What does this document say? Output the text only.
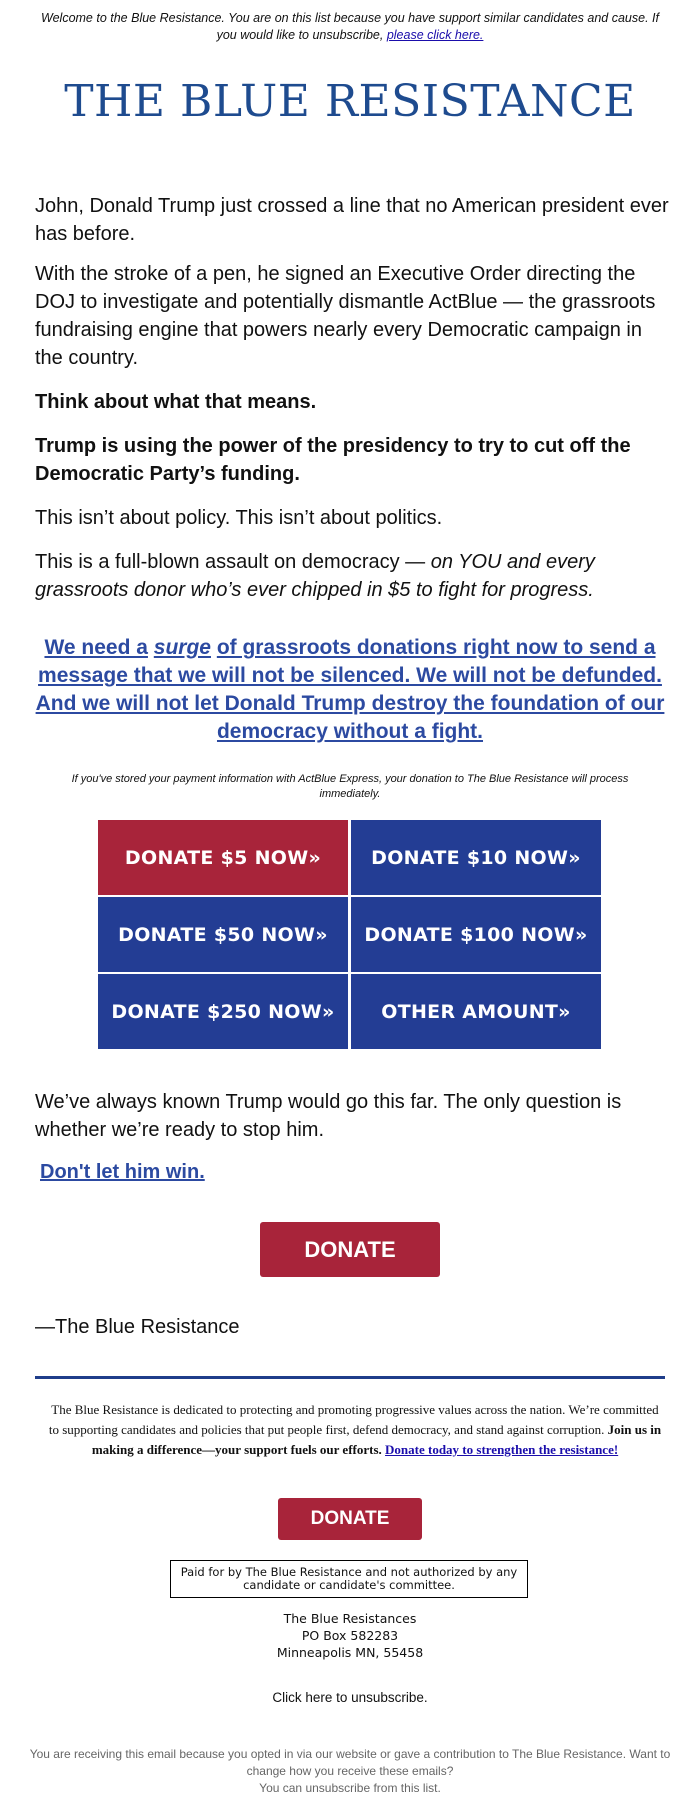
Welcome to the Blue Resistance. You are on this list because you have support similar candidates and cause. If you would like to unsubscribe, please click here.
THE BLUE RESISTANCE

John, Donald Trump just crossed a line that no American president ever has before.

With the stroke of a pen, he signed an Executive Order directing the DOJ to investigate and potentially dismantle ActBlue — the grassroots fundraising engine that powers nearly every Democratic campaign in the country.

Think about what that means.

Trump is using the power of the presidency to try to cut off the Democratic Party’s funding.

This isn’t about policy. This isn’t about politics.

This is a full-blown assault on democracy — on YOU and every grassroots donor who’s ever chipped in $5 to fight for progress.

We need a surge of grassroots donations right now to send a message that we will not be silenced. We will not be defunded. And we will not let Donald Trump destroy the foundation of our democracy without a fight.
If you've stored your payment information with ActBlue Express, your donation to The Blue Resistance will process immediately.
DONATE $5 NOW»	DONATE $10 NOW»
DONATE $50 NOW»	DONATE $100 NOW»
DONATE $250 NOW»	OTHER AMOUNT»

We’ve always known Trump would go this far. The only question is whether we’re ready to stop him.

Don't let him win.
DONATE
—The Blue Resistance
The Blue Resistance is dedicated to protecting and promoting progressive values across the nation. We’re committed to supporting candidates and policies that put people first, defend democracy, and stand against corruption. Join us in making a difference—your support fuels our efforts. Donate today to strengthen the resistance!
DONATE
Paid for by The Blue Resistance and not authorized by any candidate or candidate's committee.
The Blue Resistances
PO Box 582283
Minneapolis MN, 55458
Click here to unsubscribe.
You are receiving this email because you opted in via our website or gave a contribution to The Blue Resistance. Want to change how you receive these emails?
You can unsubscribe from this list.
